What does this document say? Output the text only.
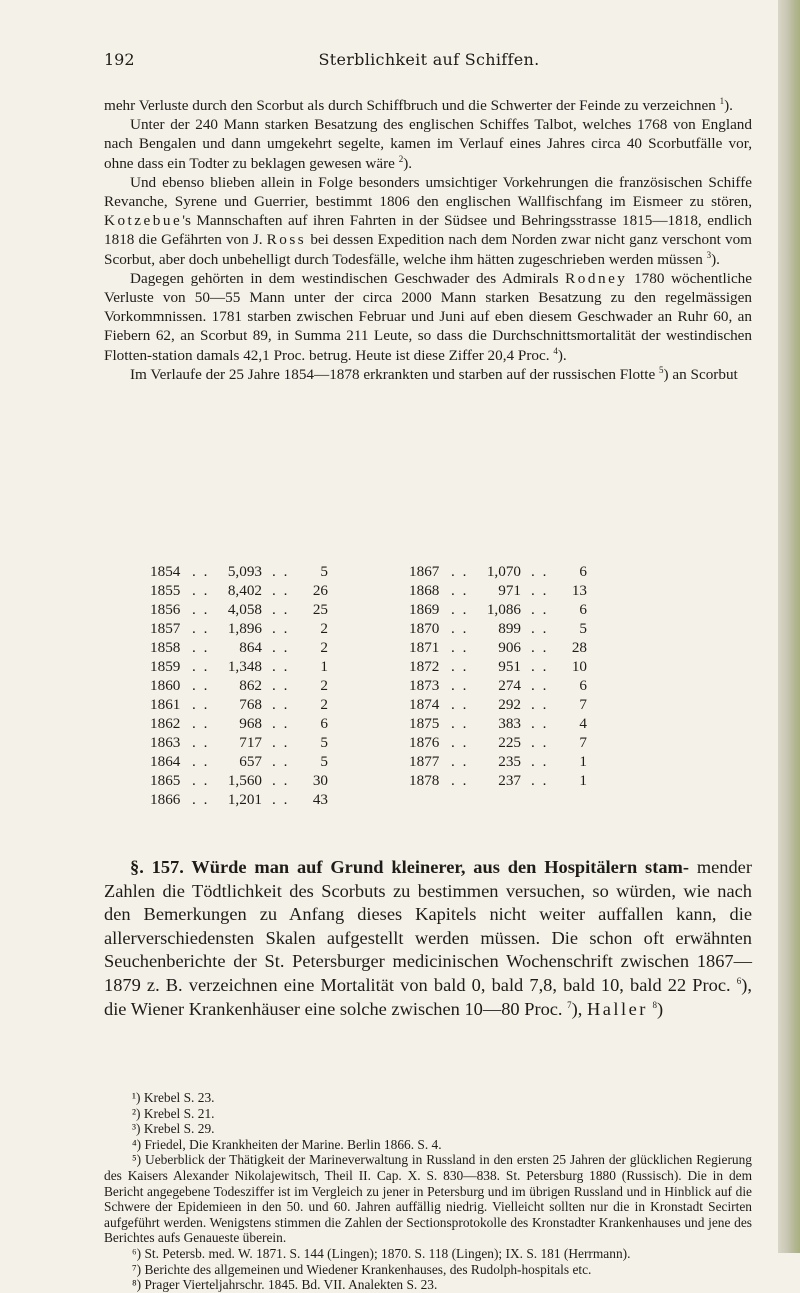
192	Sterblichkeit auf Schiffen.

mehr Verluste durch den Scorbut als durch Schiffbruch und die Schwerter der Feinde zu verzeichnen $^1$).

Unter der 240 Mann starken Besatzung des englischen Schiffes Talbot, welches 1768 von England nach Bengalen und dann umgekehrt segelte, kamen im Verlauf eines Jahres circa 40 Scorbutfälle vor, ohne dass ein Todter zu beklagen gewesen wäre $^2$).

Und ebenso blieben allein in Folge besonders umsichtiger Vorkehrungen die französischen Schiffe Revanche, Syrene und Guerrier, bestimmt 1806 den englischen Wallfischfang im Eismeer zu stören, Kotzebue's Mannschaften auf ihren Fahrten in der Südsee und Behringsstrasse 1815—1818, endlich 1818 die Gefährten von J. Ross bei dessen Expedition nach dem Norden zwar nicht ganz verschont vom Scorbut, aber doch unbehelligt durch Todesfälle, welche ihm hätten zugeschrieben werden müssen $^3$).

Dagegen gehörten in dem westindischen Geschwader des Admirals Rodney 1780 wöchentliche Verluste von 50—55 Mann unter der circa 2000 Mann starken Besatzung zu den regelmässigen Vorkommnissen. 1781 starben zwischen Februar und Juni auf eben diesem Geschwader an Ruhr 60, an Fiebern 62, an Scorbut 89, in Summa 211 Leute, so dass die Durchschnittsmortalität der westindischen Flotten-station damals 42,1 Proc. betrug. Heute ist diese Ziffer 20,4 Proc. $^4$).

Im Verlaufe der 25 Jahre 1854—1878 erkrankten und starben auf der russischen Flotte $^5$) an Scorbut

1854 . .	5,093 . .	5
1855 . .	8,402 . .	26
1856 . .	4,058 . .	25
1857 . .	1,896 . .	2
1858 . .	864 . .	2
1859 . .	1,348 . .	1
1860 . .	862 . .	2
1861 . .	768 . .	2
1862 . .	968 . .	6
1863 . .	717 . .	5
1864 . .	657 . .	5
1865 . .	1,560 . .	30
1866 . .	1,201 . .	43
1867 . .	1,070 . .	6
1868 . .	971 . .	13
1869 . .	1,086 . .	6
1870 . .	899 . .	5
1871 . .	906 . .	28
1872 . .	951 . .	10
1873 . .	274 . .	6
1874 . .	292 . .	7
1875 . .	383 . .	4
1876 . .	225 . .	7
1877 . .	235 . .	1
1878 . .	237 . .	1

§. 157. Würde man auf Grund kleinerer, aus den Hospitälern stam- mender Zahlen die Tödtlichkeit des Scorbuts zu bestimmen versuchen, so würden, wie nach den Bemerkungen zu Anfang dieses Kapitels nicht weiter auffallen kann, die allerverschiedensten Skalen aufgestellt werden müssen. Die schon oft erwähnten Seuchenberichte der St. Petersburger medicinischen Wochenschrift zwischen 1867—1879 z. B. verzeichnen eine Mortalität von bald 0, bald 7,8, bald 10, bald 22 Proc. $^6$), die Wiener Krankenhäuser eine solche zwischen 10—80 Proc. $^7$), Haller $^8$)

¹) Krebel S. 23.

²) Krebel S. 21.

³) Krebel S. 29.

⁴) Friedel, Die Krankheiten der Marine. Berlin 1866. S. 4.

⁵) Ueberblick der Thätigkeit der Marineverwaltung in Russland in den ersten 25 Jahren der glücklichen Regierung des Kaisers Alexander Nikolajewitsch, Theil II. Cap. X. S. 830—838. St. Petersburg 1880 (Russisch). Die in dem Bericht angegebene Todesziffer ist im Vergleich zu jener in Petersburg und im übrigen Russland und in Hinblick auf die Schwere der Epidemieen in den 50. und 60. Jahren auffällig niedrig. Vielleicht sollten nur die in Kronstadt Secirten aufgeführt werden. Wenigstens stimmen die Zahlen der Sectionsprotokolle des Kronstadter Krankenhauses und jene des Berichtes aufs Genaueste überein.

⁶) St. Petersb. med. W. 1871. S. 144 (Lingen); 1870. S. 118 (Lingen); IX. S. 181 (Herrmann).

⁷) Berichte des allgemeinen und Wiedener Krankenhauses, des Rudolph-hospitals etc.

⁸) Prager Vierteljahrschr. 1845. Bd. VII. Analekten S. 23.
